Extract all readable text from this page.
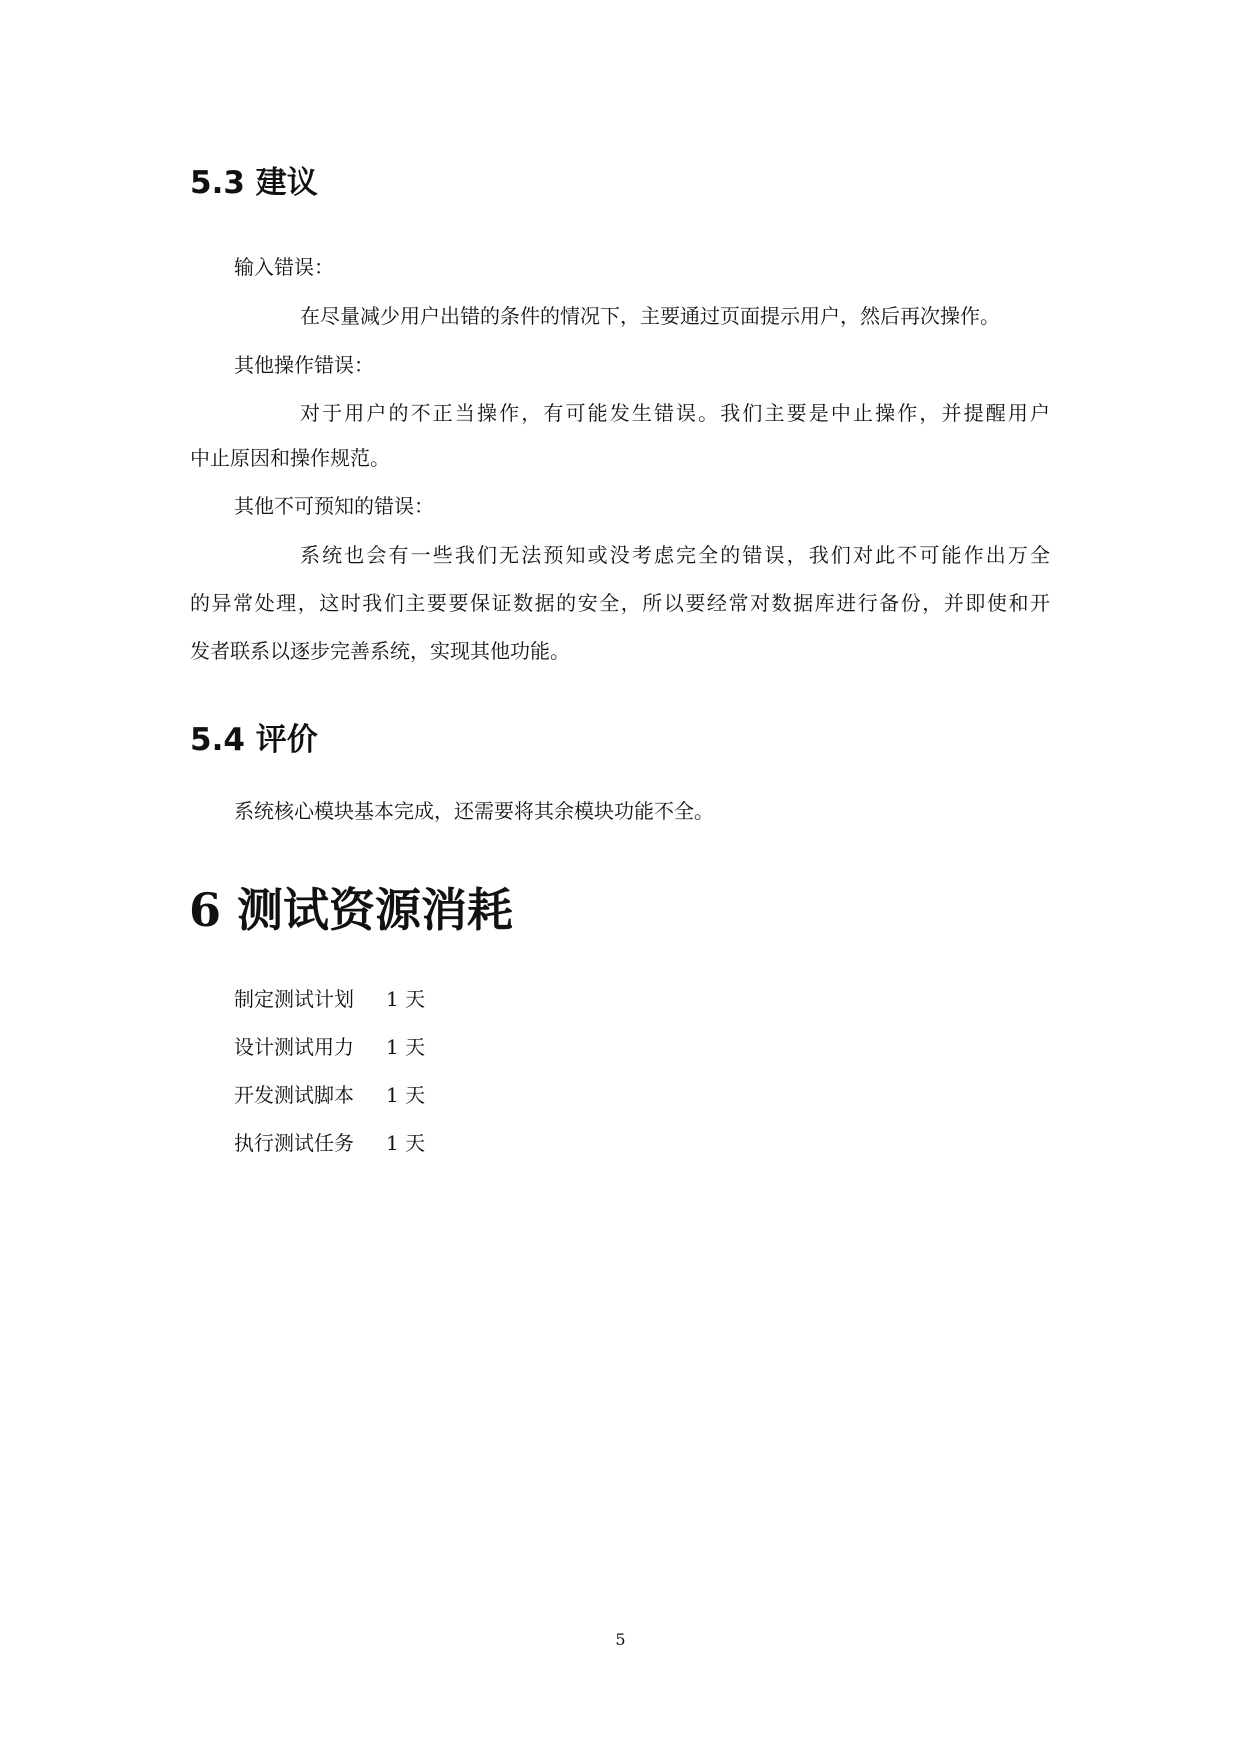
5.3 建议

输入错误：

在尽量减少用户出错的条件的情况下，主要通过页面提示用户，然后再次操作。

其他操作错误：

对于用户的不正当操作，有可能发生错误。我们主要是中止操作，并提醒用户

中止原因和操作规范。

其他不可预知的错误：

系统也会有一些我们无法预知或没考虑完全的错误，我们对此不可能作出万全

的异常处理，这时我们主要要保证数据的安全，所以要经常对数据库进行备份，并即使和开

发者联系以逐步完善系统，实现其他功能。

5.4 评价

系统核心模块基本完成，还需要将其余模块功能不全。

6 测试资源消耗
制定测试计划 1 天
设计测试用力 1 天
开发测试脚本 1 天
执行测试任务 1 天
5
